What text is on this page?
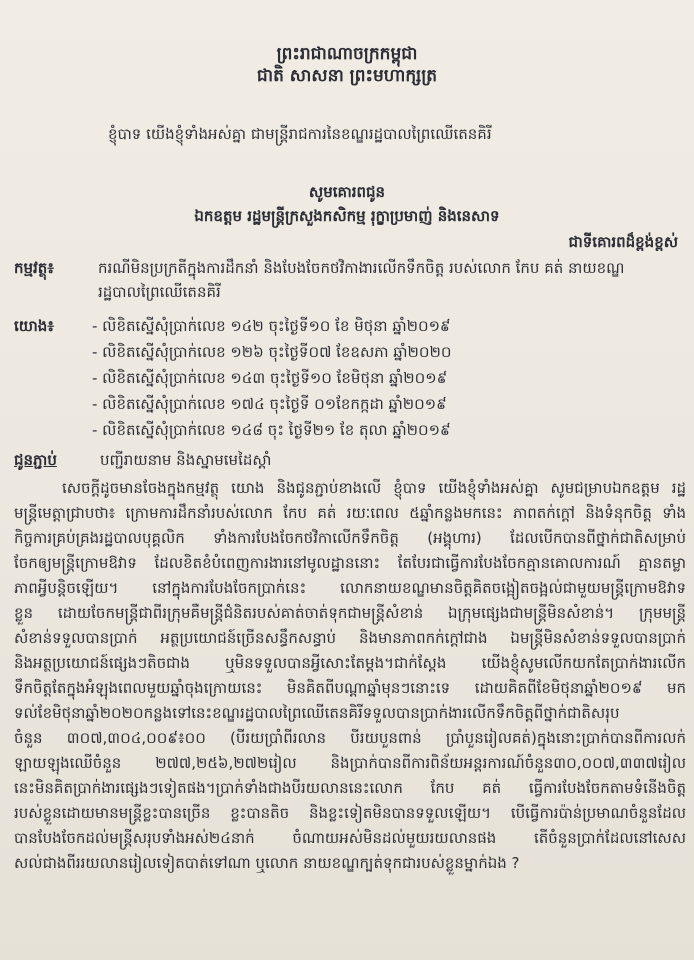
ព្រះរាជាណាចក្រកម្ពុជា
ជាតិ សាសនា ព្រះមហាក្សត្រ
ខ្ញុំបាទ យើងខ្ញុំទាំងអស់គ្នា ជាមន្ត្រីរាជការនៃខណ្ឌរដ្ឋបាលព្រៃឈើតេនគិរី
សូមគោរពជូន
ឯកឧត្តម រដ្ឋមន្ត្រីក្រសួងកសិកម្ម រុក្ខាប្រមាញ់ និងនេសាទ
ជាទីគោរពដ៏ខ្ពង់ខ្ពស់
កម្មវត្ថុ៖	ករណីមិនប្រក្រតីក្នុងការដឹកនាំ និងបែងចែកថវិកាងារលើកទឹកចិត្ត របស់លោក កែប គត់ នាយខណ្ឌ
រដ្ឋបាលព្រៃឈើតេនគិរី
យោង៖	- លិខិតស្នើសុំប្រាក់លេខ ១៤២ ចុះថ្ងៃទី១០ ខែ មិថុនា ឆ្នាំ២០១៩
- លិខិតស្នើសុំប្រាក់លេខ ១២៦ ចុះថ្ងៃទី០៧ ខែឧសភា ឆ្នាំ២០២០
- លិខិតស្នើសុំប្រាក់លេខ ១៤៣ ចុះថ្ងៃទី១០ ខែមិថុនា ឆ្នាំ២០១៩
- លិខិតស្នើសុំប្រាក់លេខ ១៧៤ ចុះថ្ងៃទី ០១ខែកក្កដា ឆ្នាំ២០១៩
- លិខិតស្នើសុំប្រាក់លេខ ១៤៨ ចុះ ថ្ងៃទី២១ ខែ តុលា ឆ្នាំ២០១៩
ជូនភ្ជាប់	បញ្ជីរាយនាម និងស្នាមមេដៃស្តាំ
សេចក្តីដូចមានចែងក្នុងកម្មវត្ថុ យោង និងជូនភ្ជាប់ខាងលើ ខ្ញុំបាទ យើងខ្ញុំទាំងអស់គ្នា សូមជម្រាបឯកឧត្តម រដ្ឋ
មន្ត្រីមេត្តាជ្រាបថា៖ ក្រោមការដឹកនាំរបស់លោក កែប គត់ រយៈពេល ៥ឆ្នាំកន្លងមកនេះ ភាពតក់ក្ដៅ និងទំនុកចិត្ត ទាំង
កិច្ចការគ្រប់គ្រងរដ្ឋបាលបុគ្គលិក ទាំងការបែងចែកថវិកាលើកទឹកចិត្ត (អង្គុហារ) ដែលបើកបានពីថ្នាក់ជាតិសម្រាប់
ចែកឲ្យមន្ត្រីក្រោមឱវាទ ដែលខិតខំបំពេញការងារនៅមូលដ្ឋាននោះ តែបែរជាធ្វើការបែងចែកគ្មានគោលការណ៍ គ្មានតម្លា
ភាពអ្វីបន្តិចឡើយ។ នៅក្នុងការបែងចែកប្រាក់នេះ លោកនាយខណ្ឌមានចិត្តគិតចង្អៀតចង្អល់ជាមួយមន្ត្រីក្រោមឱវាទ
ខ្លួន ដោយចែកមន្ត្រីជាពីរក្រុមគឺមន្ត្រីជំនិតរបស់គាត់ចាត់ទុកជាមន្ត្រីសំខាន់ ឯក្រុមផ្សេងជាមន្ត្រីមិនសំខាន់។ ក្រុមមន្ត្រី
សំខាន់ទទួលបានប្រាក់ អត្ថប្រយោជន៍ច្រើនសន្ធឹកសន្ធាប់ និងមានភាពកក់ក្ដៅជាង ឯមន្ត្រីមិនសំខាន់ទទួលបានប្រាក់
និងអត្ថប្រយោជន៍ផ្សេងៗតិចជាង ឬមិនទទួលបានអ្វីសោះតែម្តង។ជាក់ស្តែង យើងខ្ញុំសូមលើកយកតែប្រាក់ងារលើក
ទឹកចិត្តតែក្នុងអំឡុងពេលមួយឆ្នាំចុងក្រោយនេះ មិនគិតពីបណ្តាឆ្នាំមុនៗនោះទេ ដោយគិតពីខែមិថុនាឆ្នាំ២០១៩ មក
ទល់ខែមិថុនាឆ្នាំ២០២០កន្លងទៅនេះខណ្ឌរដ្ឋបាលព្រៃឈើតេនគិរីទទួលបានប្រាក់ងារលើកទឹកចិត្តពីថ្នាក់ជាតិសរុប
ចំនួន ៣០៧,៣០៤,០០៩៖០០ (បីរយប្រាំពីរលាន បីរយបួនពាន់ ប្រាំបួនរៀលគត់)ក្នុងនោះប្រាក់បានពីការលក់
ឡាយឡុងឈើចំនួន ២៧៧,២៥៦,២៧២រៀល និងប្រាក់បានពីការពិន័យអន្តរការណ៍ចំនួន៣០,០០៧,៣៣៧រៀល
នេះមិនគិតប្រាក់ងារផ្សេងៗទៀតផង។ប្រាក់ទាំងជាងបីរយលាននេះលោក កែប គត់ ធ្វើការបែងចែកតាមទំនើងចិត្ត
របស់ខ្លួនដោយមានមន្ត្រីខ្លះបានច្រើន ខ្លះបានតិច និងខ្លះទៀតមិនបានទទួលឡើយ។ បើធ្វើការប៉ាន់ប្រមាណចំនួនដែល
បានបែងចែកដល់មន្ត្រីសរុបទាំងអស់២៤នាក់ ចំណាយអស់មិនដល់មួយរយលានផង តើចំនួនប្រាក់ដែលនៅសេស
សល់ជាងពីររយលានរៀលទៀតបាត់ទៅណា ឬលោក នាយខណ្ឌក្បត់ទុកជារបស់ខ្លួនម្នាក់ឯង ?
